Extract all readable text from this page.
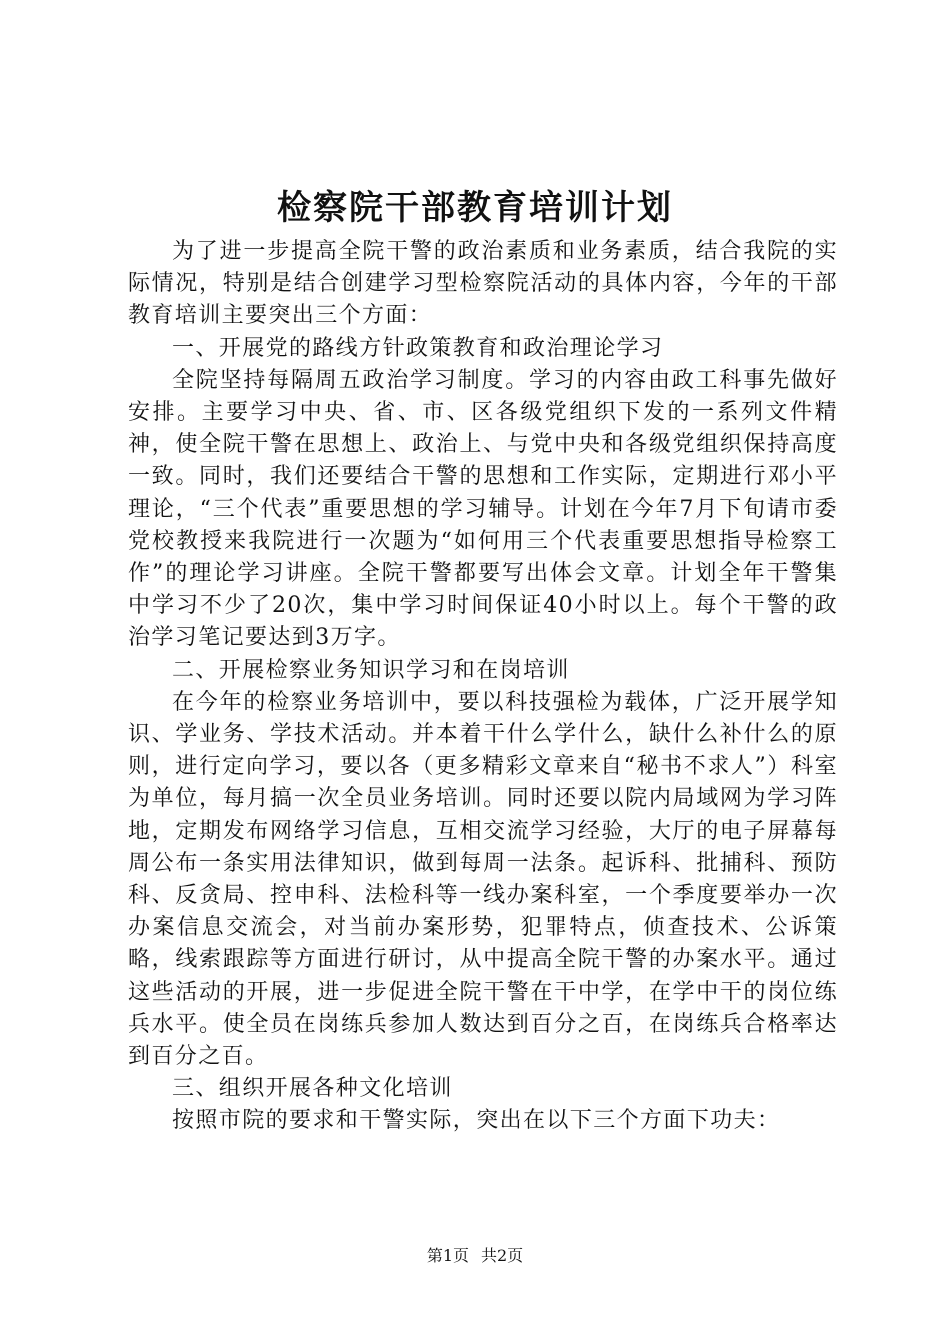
检察院干部教育培训计划

为了进一步提高全院干警的政治素质和业务素质，结合我院的实际情况，特别是结合创建学习型检察院活动的具体内容，今年的干部教育培训主要突出三个方面：

一、开展党的路线方针政策教育和政治理论学习

全院坚持每隔周五政治学习制度。学习的内容由政工科事先做好安排。主要学习中央、省、市、区各级党组织下发的一系列文件精神，使全院干警在思想上、政治上、与党中央和各级党组织保持高度一致。同时，我们还要结合干警的思想和工作实际，定期进行邓小平理论，“三个代表”重要思想的学习辅导。计划在今年7月下旬请市委党校教授来我院进行一次题为“如何用三个代表重要思想指导检察工作”的理论学习讲座。全院干警都要写出体会文章。计划全年干警集中学习不少了20次，集中学习时间保证40小时以上。每个干警的政治学习笔记要达到3万字。

二、开展检察业务知识学习和在岗培训

在今年的检察业务培训中，要以科技强检为载体，广泛开展学知识、学业务、学技术活动。并本着干什么学什么，缺什么补什么的原则，进行定向学习，要以各（更多精彩文章来自“秘书不求人”）科室为单位，每月搞一次全员业务培训。同时还要以院内局域网为学习阵地，定期发布网络学习信息，互相交流学习经验，大厅的电子屏幕每周公布一条实用法律知识，做到每周一法条。起诉科、批捕科、预防科、反贪局、控申科、法检科等一线办案科室，一个季度要举办一次办案信息交流会，对当前办案形势，犯罪特点，侦查技术、公诉策略，线索跟踪等方面进行研讨，从中提高全院干警的办案水平。通过这些活动的开展，进一步促进全院干警在干中学，在学中干的岗位练兵水平。使全员在岗练兵参加人数达到百分之百，在岗练兵合格率达到百分之百。

三、组织开展各种文化培训

按照市院的要求和干警实际，突出在以下三个方面下功夫：

第1页 共2页
